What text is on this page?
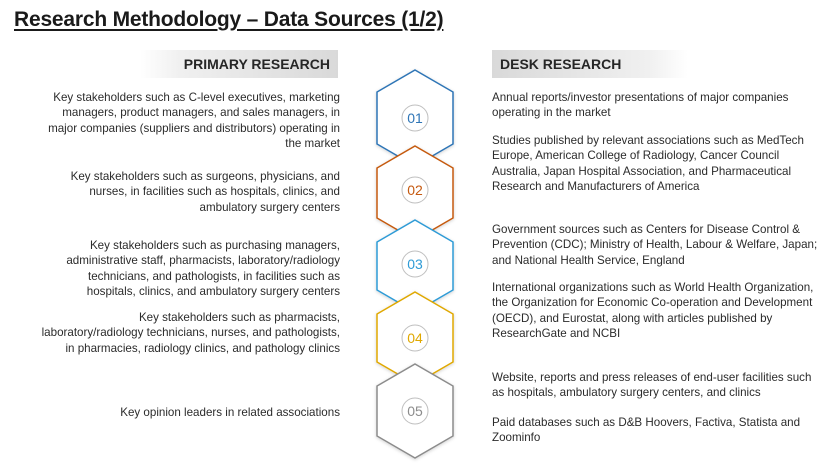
Research Methodology – Data Sources (1/2)
PRIMARY RESEARCH	DESK RESEARCH
Key stakeholders such as C-level executives, marketing managers, product managers, and sales managers, in major companies (suppliers and distributors) operating in the market
Key stakeholders such as surgeons, physicians, and nurses, in facilities such as hospitals, clinics, and ambulatory surgery centers
Key stakeholders such as purchasing managers, administrative staff, pharmacists, laboratory/radiology technicians, and pathologists, in facilities such as hospitals, clinics, and ambulatory surgery centers
Key stakeholders such as pharmacists, laboratory/radiology technicians, nurses, and pathologists, in pharmacies, radiology clinics, and pathology clinics
Key opinion leaders in related associations
Annual reports/investor presentations of major companies operating in the market
Studies published by relevant associations such as MedTech Europe, American College of Radiology, Cancer Council Australia, Japan Hospital Association, and Pharmaceutical Research and Manufacturers of America
Government sources such as Centers for Disease Control & Prevention (CDC); Ministry of Health, Labour & Welfare, Japan; and National Health Service, England
International organizations such as World Health Organization, the Organization for Economic Co-operation and Development (OECD), and Eurostat, along with articles published by ResearchGate and NCBI
Website, reports and press releases of end-user facilities such as hospitals, ambulatory surgery centers, and clinics
Paid databases such as D&B Hoovers, Factiva, Statista and Zoominfo
01
02
03
04
05
